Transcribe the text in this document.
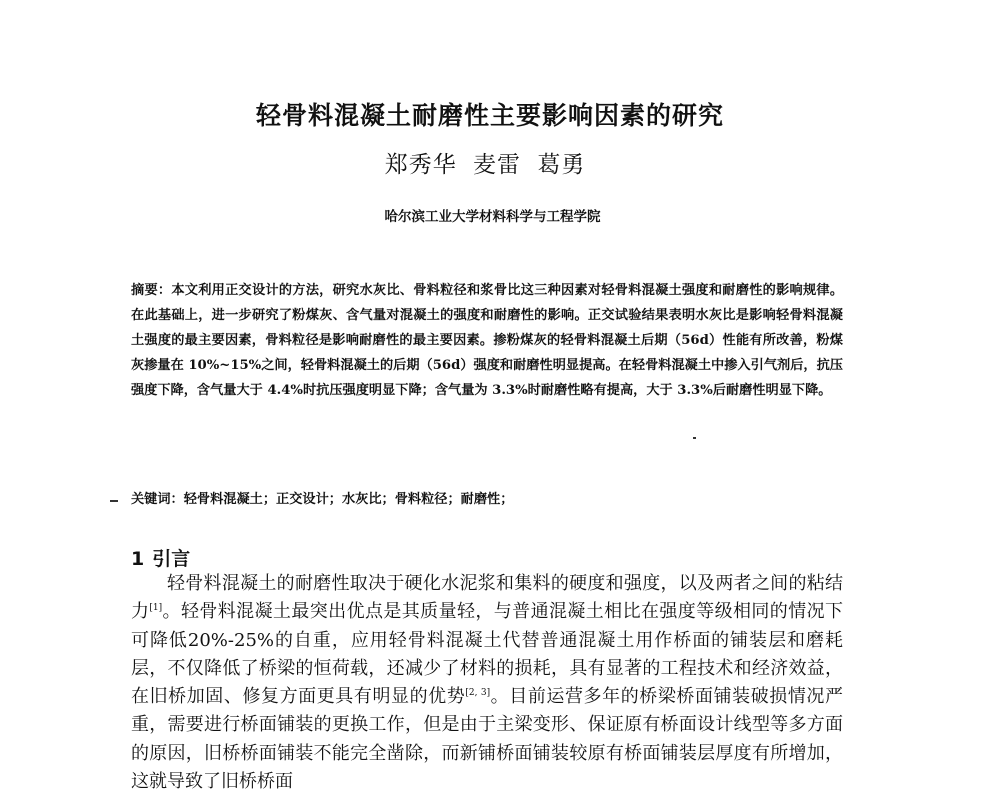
轻骨料混凝土耐磨性主要影响因素的研究
郑秀华 麦雷 葛勇
哈尔滨工业大学材料科学与工程学院
摘要：本文利用正交设计的方法，研究水灰比、骨料粒径和浆骨比这三种因素对轻骨料混凝土强度和耐磨性的影响规律。在此基础上，进一步研究了粉煤灰、含气量对混凝土的强度和耐磨性的影响。正交试验结果表明水灰比是影响轻骨料混凝土强度的最主要因素，骨料粒径是影响耐磨性的最主要因素。掺粉煤灰的轻骨料混凝土后期（56d）性能有所改善，粉煤灰掺量在 10%~15%之间，轻骨料混凝土的后期（56d）强度和耐磨性明显提高。在轻骨料混凝土中掺入引气剂后，抗压强度下降，含气量大于 4.4%时抗压强度明显下降；含气量为 3.3%时耐磨性略有提高，大于 3.3%后耐磨性明显下降。
关键词：轻骨料混凝土；正交设计；水灰比；骨料粒径；耐磨性；
1 引言

轻骨料混凝土的耐磨性取决于硬化水泥浆和集料的硬度和强度，以及两者之间的粘结力[1]。轻骨料混凝土最突出优点是其质量轻，与普通混凝土相比在强度等级相同的情况下可降低20%-25%的自重，应用轻骨料混凝土代替普通混凝土用作桥面的铺装层和磨耗层，不仅降低了桥梁的恒荷载，还减少了材料的损耗，具有显著的工程技术和经济效益，在旧桥加固、修复方面更具有明显的优势[2, 3]。目前运营多年的桥梁桥面铺装破损情况严重，需要进行桥面铺装的更换工作，但是由于主梁变形、保证原有桥面设计线型等多方面的原因，旧桥桥面铺装不能完全凿除，而新铺桥面铺装较原有桥面铺装层厚度有所增加，这就导致了旧桥桥面
